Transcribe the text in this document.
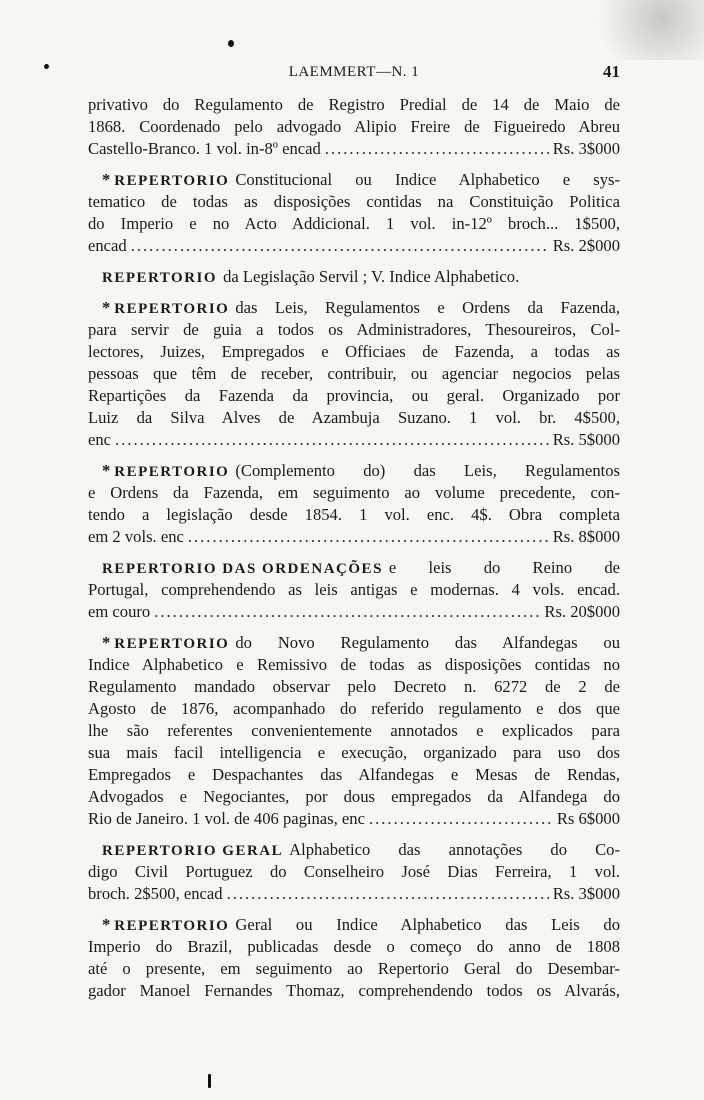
LAEMMERT—N. 1	41
privativo do Regulamento de Registro Predial de 14 de Maio de
1868. Coordenado pelo advogado Alipio Freire de Figueiredo Abreu
Castello-Branco. 1 vol. in-8º encad .....	Rs. 3$000
* REPERTORIO Constitucional ou Indice Alphabetico e sys-
tematico de todas as disposições contidas na Constituição Politica
do Imperio e no Acto Addicional. 1 vol. in-12º broch... 1$500,
encad .....	Rs. 2$000
REPERTORIO da Legislação Servil ; V. Indice Alphabetico.
* REPERTORIO das Leis, Regulamentos e Ordens da Fazenda,
para servir de guia a todos os Administradores, Thesoureiros, Col-
lectores, Juizes, Empregados e Officiaes de Fazenda, a todas as
pessoas que têm de receber, contribuir, ou agenciar negocios pelas
Repartições da Fazenda da provincia, ou geral. Organizado por
Luiz da Silva Alves de Azambuja Suzano. 1 vol. br. 4$500,
enc .....	Rs. 5$000
* REPERTORIO (Complemento do) das Leis, Regulamentos
e Ordens da Fazenda, em seguimento ao volume precedente, con-
tendo a legislação desde 1854. 1 vol. enc. 4$. Obra completa
em 2 vols. enc .....	Rs. 8$000
REPERTORIO DAS ORDENAÇÕES e leis do Reino de
Portugal, comprehendendo as leis antigas e modernas. 4 vols. encad.
em couro .....	Rs. 20$000
* REPERTORIO do Novo Regulamento das Alfandegas ou
Indice Alphabetico e Remissivo de todas as disposições contidas no
Regulamento mandado observar pelo Decreto n. 6272 de 2 de
Agosto de 1876, acompanhado do referido regulamento e dos que
lhe são referentes convenientemente annotados e explicados para
sua mais facil intelligencia e execução, organizado para uso dos
Empregados e Despachantes das Alfandegas e Mesas de Rendas,
Advogados e Negociantes, por dous empregados da Alfandega do
Rio de Janeiro. 1 vol. de 406 paginas, enc .....	Rs 6$000
REPERTORIO GERAL Alphabetico das annotações do Co-
digo Civil Portuguez do Conselheiro José Dias Ferreira, 1 vol.
broch. 2$500, encad .....	Rs. 3$000
* REPERTORIO Geral ou Indice Alphabetico das Leis do
Imperio do Brazil, publicadas desde o começo do anno de 1808
até o presente, em seguimento ao Repertorio Geral do Desembar-
gador Manoel Fernandes Thomaz, comprehendendo todos os Alvarás,
